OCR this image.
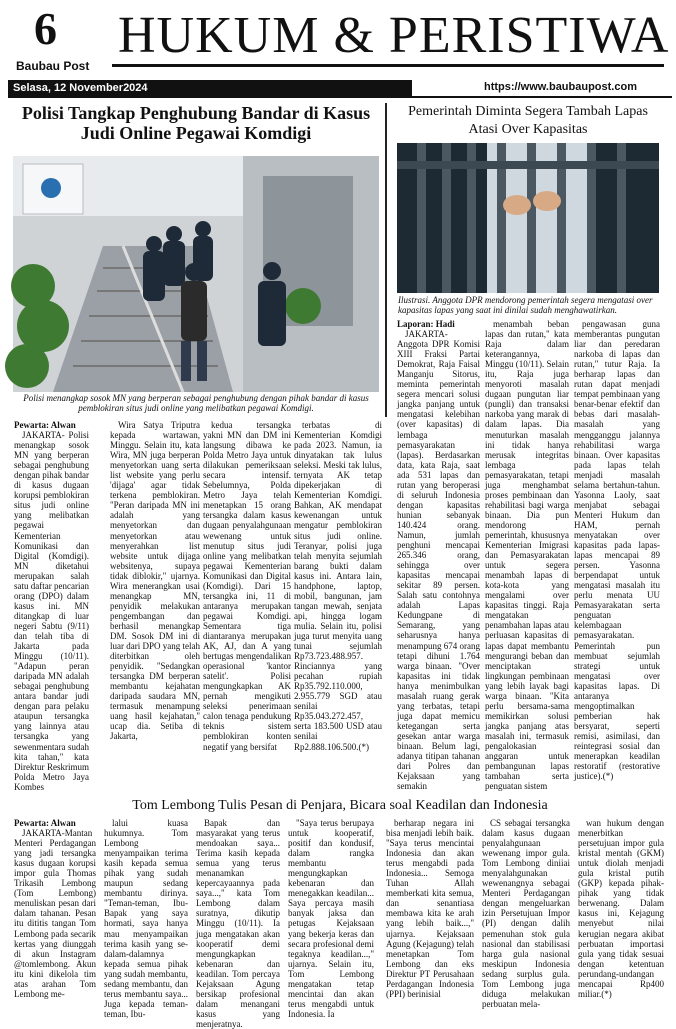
6
Baubau Post
HUKUM & PERISTIWA
Selasa, 12 November2024	https://www.baubaupost.com
Polisi Tangkap Penghubung Bandar di Kasus Judi Online Pegawai Komdigi
Polisi menangkap sosok MN yang berperan sebagai penghubung dengan pihak bandar di kasus pemblokiran situs judi online yang melibatkan pegawai Komdigi.
Pewarta: Alwan

JAKARTA- Polisi menangkap sosok MN yang berperan sebagai penghubung dengan pihak bandar di kasus dugaan korupsi pemblokiran situs judi online yang melibatkan pegawai Kementerian Komunikasi dan Digital (Komdigi). MN diketahui merupakan salah satu daftar pencarian orang (DPO) dalam kasus ini. MN ditangkap di luar negeri Sabtu (9/11) dan telah tiba di Jakarta pada Minggu (10/11). "Adapun peran daripada MN adalah sebagai penghubung antara bandar judi dengan para pelaku ataupun tersangka yang lainnya atau tersangka yang sewenmentara sudah kita tahan," kata Direktur Reskrimum Polda Metro Jaya Kombes

Wira Satya Triputra kepada wartawan, Minggu. Selain itu, kata Wira, MN juga berperan menyetorkan uang serta list website yang perlu 'dijaga' agar tidak terkena pemblokiran. "Peran daripada MN ini adalah yang menyetorkan dan menyetorkan atau menyerahkan list website untuk dijaga websitenya, supaya tidak diblokir," ujarnya. Wira menerangkan usai menangkap MN, penyidik melakukan pengembangan dan berhasil menangkap DM. Sosok DM ini di luar dari DPO yang telah diterbitkan oleh penyidik. "Sedangkan tersangka DM berperan membantu kejahatan daripada saudara MN, termasuk menampung uang hasil kejahatan," ucap dia. Setiba di Jakarta,

kedua tersangka yakni MN dan DM ini langsung dibawa ke Polda Metro Jaya untuk dilakukan pemeriksaan secara intensif. Sebelumnya, Polda Metro Jaya telah menetapkan 15 orang tersangka dalam kasus dugaan penyalahgunaan wewenang untuk menutup situs judi online yang melibatkan pegawai Kementerian Komunikasi dan Digital (Komdigi). Dari 15 tersangka ini, 11 di antaranya merupakan pegawai Komdigi. Sementara tiga diantaranya merupakan AK, AJ, dan A yang bertugas mengendalikan operasional 'kantor satelit'. Polisi mengungkapkan AK pernah mengikuti seleksi penerimaan calon tenaga pendukung teknis sistem pemblokiran konten negatif yang bersifat

terbatas di Kementerian Komdigi pada 2023. Namun, ia dinyatakan tak lulus seleksi. Meski tak lulus, ternyata AK tetap dipekerjakan di Kementerian Komdigi. Bahkan, AK mendapat kewenangan untuk mengatur pemblokiran situs judi online. Teranyar, polisi juga telah menyita sejumlah barang bukti dalam kasus ini. Antara lain, handphone, laptop, mobil, bangunan, jam tangan mewah, senjata api, hingga logam mulia. Selain itu, polisi juga turut menyita uang tunai sejumlah Rp73.723.488.957. Rinciannya yang pecahan rupiah Rp35.792.110.000, 2.955.779 SGD atau senilai Rp35.043.272.457, serta 183.500 USD atau senilai Rp2.888.106.500.(*)

Pemerintah Diminta Segera Tambah Lapas Atasi Over Kapasitas
Ilustrasi. Anggota DPR mendorong pemerintah segera mengatasi over kapasitas lapas yang saat ini dinilai sudah menghawatirkan.
Laporan: Hadi

JAKARTA- Anggota DPR Komisi XIII Fraksi Partai Demokrat, Raja Faisal Manganju Sitorus, meminta pemerintah segera mencari solusi jangka panjang untuk mengatasi kelebihan (over kapasitas) di lembaga pemasyarakatan (lapas). Berdasarkan data, kata Raja, saat ada 531 lapas dan rutan yang beroperasi di seluruh Indonesia dengan kapasitas hunian sebanyak 140.424 orang. Namun, jumlah penghuni mencapai 265.346 orang, sehingga over kapasitas mencapai sekitar 89 persen. Salah satu contohnya adalah Lapas Kedungpane di Semarang, yang seharusnya hanya menampung 674 orang tetapi dihuni 1.764 warga binaan. "Over kapasitas ini tidak hanya menimbulkan masalah ruang gerak yang terbatas, tetapi juga dapat memicu ketegangan serta gesekan antar warga binaan. Belum lagi, adanya titipan tahanan dari Polres dan Kejaksaan yang semakin

menambah beban lapas dan rutan," kata Raja dalam keterangannya, Minggu (10/11). Selain itu, Raja juga menyoroti masalah dugaan pungutan liar (pungli) dan transaksi narkoba yang marak di dalam lapas. Dia menuturkan masalah ini tidak hanya merusak integritas lembaga pemasyarakatan, tetapi juga menghambat proses pembinaan dan rehabilitasi bagi warga binaan. Dia pun mendorong pemerintah, khususnya Kementerian Imigrasi dan Pemasyarakatan untuk segera menambah lapas di kota-kota yang mengalami over kapasitas tinggi. Raja mengatakan penambahan lapas atau perluasan kapasitas di lapas dapat membantu mengurangi beban dan menciptakan lingkungan pembinaan yang lebih layak bagi warga binaan. "Kita perlu bersama-sama memikirkan solusi jangka panjang atas masalah ini, termasuk pengalokasian anggaran untuk pembangunan lapas tambahan serta penguatan sistem

pengawasan guna memberantas pungutan liar dan peredaran narkoba di lapas dan rutan," tutur Raja. Ia berharap lapas dan rutan dapat menjadi tempat pembinaan yang benar-benar efektif dan bebas dari masalah-masalah yang mengganggu jalannya rehabilitasi warga binaan. Over kapasitas pada lapas telah menjadi masalah selama bertahun-tahun. Yasonna Laoly, saat menjabat sebagai Menteri Hukum dan HAM, pernah menyatakan over kapasitas pada lapas-lapas mencapai 89 persen. Yasonna berpendapat untuk mengatasi masalah itu perlu menata UU Pemasyarakatan serta penguatan kelembagaan pemasyarakatan. Pemerintah pun membuat sejumlah strategi untuk mengatasi over kapasitas lapas. Di antaranya mengoptimalkan pemberian hak bersyarat, seperti remisi, asimilasi, dan reintegrasi sosial dan menerapkan keadilan restoratif (restorative justice).(*)

Tom Lembong Tulis Pesan di Penjara, Bicara soal Keadilan dan Indonesia
Pewarta: Alwan

JAKARTA-Mantan Menteri Perdagangan yang jadi tersangka kasus dugaan korupsi impor gula Thomas Trikasih Lembong (Tom Lembong) menuliskan pesan dari dalam tahanan. Pesan itu dititis tangan Tom Lembong pada secarik kertas yang diunggah di akun Instagram @tomlembong. Akun itu kini dikelola tim atas arahan Tom Lembong me-

lalui kuasa hukumnya. Tom Lembong menyampaikan terima kasih kepada semua pihak yang sudah maupun sedang membantu dirinya. "Teman-teman, Ibu-Bapak yang saya hormati, saya hanya mau menyampaikan terima kasih yang se-dalam-dalamnya kepada semua pihak yang sudah membantu, sedang membantu, dan terus membantu saya... Juga kepada teman-teman, Ibu-

Bapak dan masyarakat yang terus mendoakan saya... Terima kasih kepada semua yang terus menanamkan kepercayaannya pada saya...," kata Tom Lembong dalam suratnya, dikutip Minggu (10/11). Ia juga mengatakan akan kooperatif demi mengungkapkan kebenaran dan keadilan. Tom percaya Kejaksaan Agung bersikap profesional dalam menangani kasus yang menjeratnya.

"Saya terus berupaya untuk kooperatif, positif dan kondusif, dalam rangka membantu mengungkapkan kebenaran dan menegakkan keadilan... Saya percaya masih banyak jaksa dan petugas Kejaksaan yang bekerja keras dan secara profesional demi tegaknya keadilan...," ujarnya. Selain itu, Tom Lembong mengatakan tetap mencintai dan akan terus mengabdi untuk Indonesia. Ia

berharap negara ini bisa menjadi lebih baik. "Saya terus mencintai Indonesia dan akan terus mengabdi pada Indonesia... Semoga Tuhan Allah memberkati kita semua, dan senantiasa membawa kita ke arah yang lebih baik...," ujarnya. Kejaksaan Agung (Kejagung) telah menetapkan Tom Lembong dan eks Direktur PT Perusahaan Perdagangan Indonesia (PPI) berinisial

CS sebagai tersangka dalam kasus dugaan penyalahgunaan wewenang impor gula. Tom Lembong diniiai menyalahgunakan wewenangnya sebagai Menteri Perdagangan dengan mengeluarkan izin Persetujuan Impor (PI) dengan dalih pemenuhan stok gula nasional dan stabilisasi harga gula nasional meskipun Indonesia sedang surplus gula. Tom Lembong juga diduga melakukan perbuatan mela-

wan hukum dengan menerbitkan persetujuan impor gula kristal mentah (GKM) untuk diolah menjadi gula kristal putih (GKP) kepada pihak-pihak yang tidak berwenang. Dalam kasus ini, Kejagung menyebut nilai kerugian negara akibat perbuatan importasi gula yang tidak sesuai dengan ketentuan perundang-undangan mencapai Rp400 miliar.(*)
